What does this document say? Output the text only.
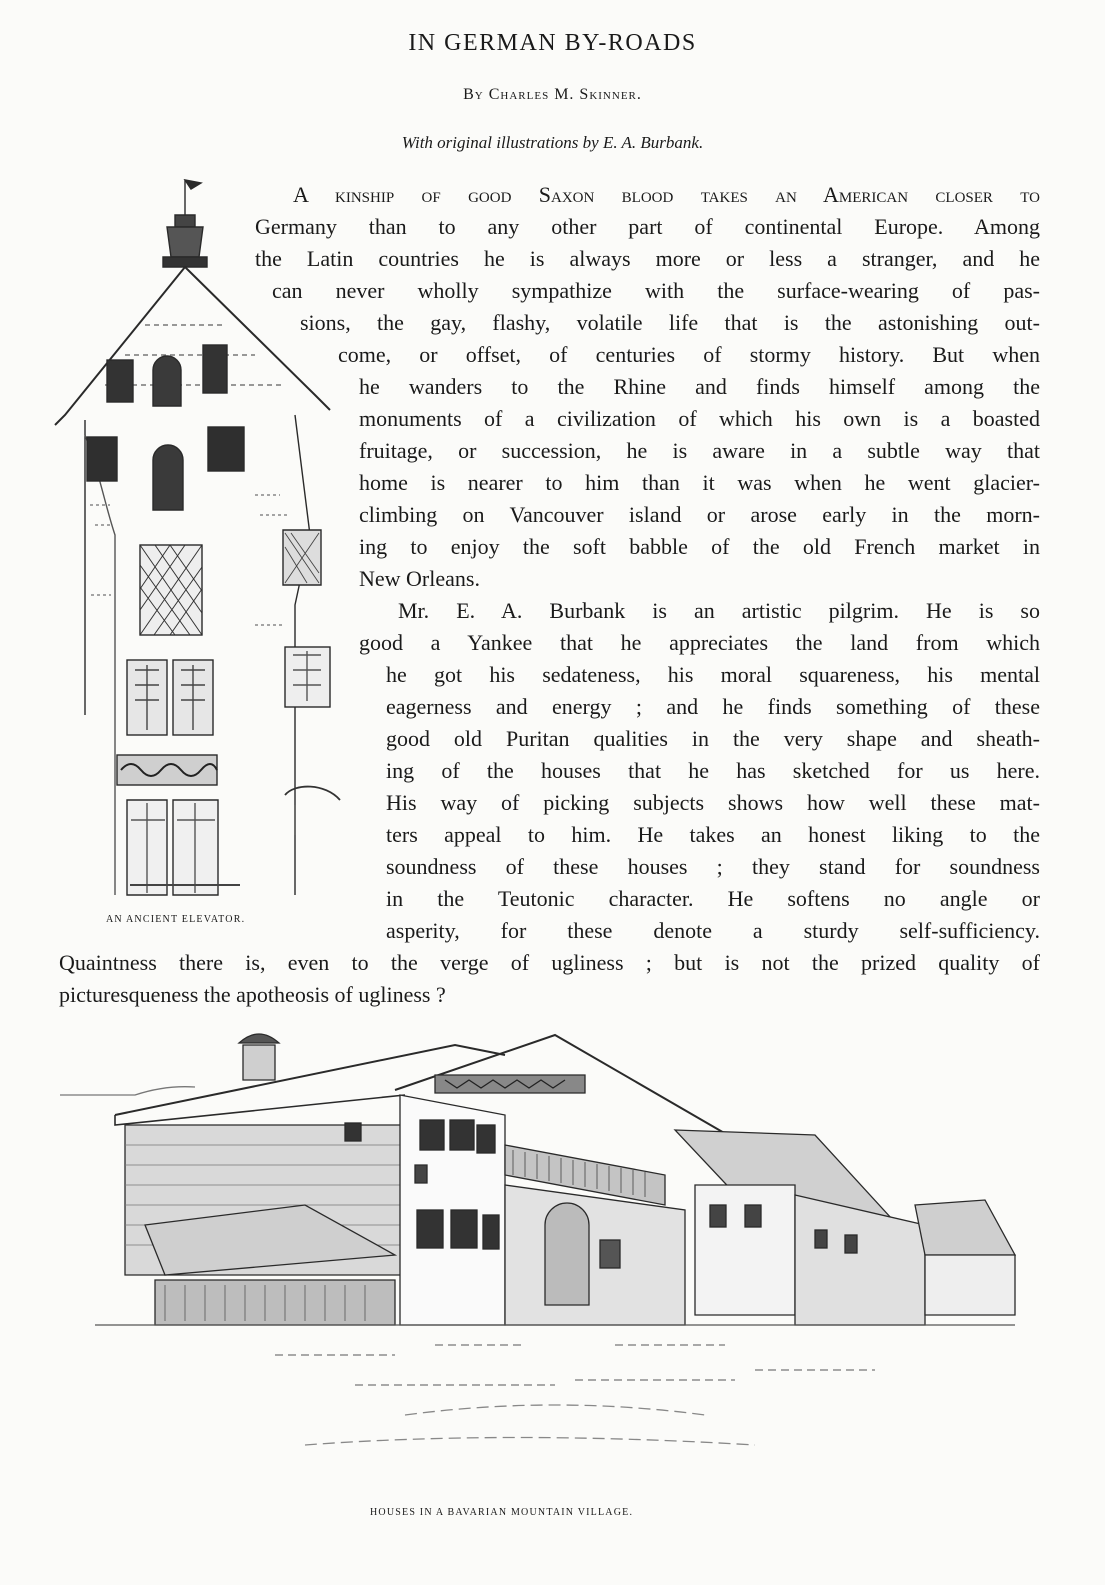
IN GERMAN BY-ROADS
By Charles M. Skinner.
With original illustrations by E. A. Burbank.
A kinship of good Saxon blood takes an American closer to
Germany than to any other part of continental Europe. Among
the Latin countries he is always more or less a stranger, and he
can never wholly sympathize with the surface-wearing of pas-
sions, the gay, flashy, volatile life that is the astonishing out-
come, or offset, of centuries of stormy history. But when
he wanders to the Rhine and finds himself among the
monuments of a civilization of which his own is a boasted
fruitage, or succession, he is aware in a subtle way that
home is nearer to him than it was when he went glacier-
climbing on Vancouver island or arose early in the morn-
ing to enjoy the soft babble of the old French market in
New Orleans.
Mr. E. A. Burbank is an artistic pilgrim. He is so
good a Yankee that he appreciates the land from which
he got his sedateness, his moral squareness, his mental
eagerness and energy ; and he finds something of these
good old Puritan qualities in the very shape and sheath-
ing of the houses that he has sketched for us here.
His way of picking subjects shows how well these mat-
ters appeal to him. He takes an honest liking to the
soundness of these houses ; they stand for soundness
in the Teutonic character. He softens no angle or
asperity, for these denote a sturdy self-sufficiency.
Quaintness there is, even to the verge of ugliness ; but is not the prized quality of
picturesqueness the apotheosis of ugliness ?
AN ANCIENT ELEVATOR.
HOUSES IN A BAVARIAN MOUNTAIN VILLAGE.
